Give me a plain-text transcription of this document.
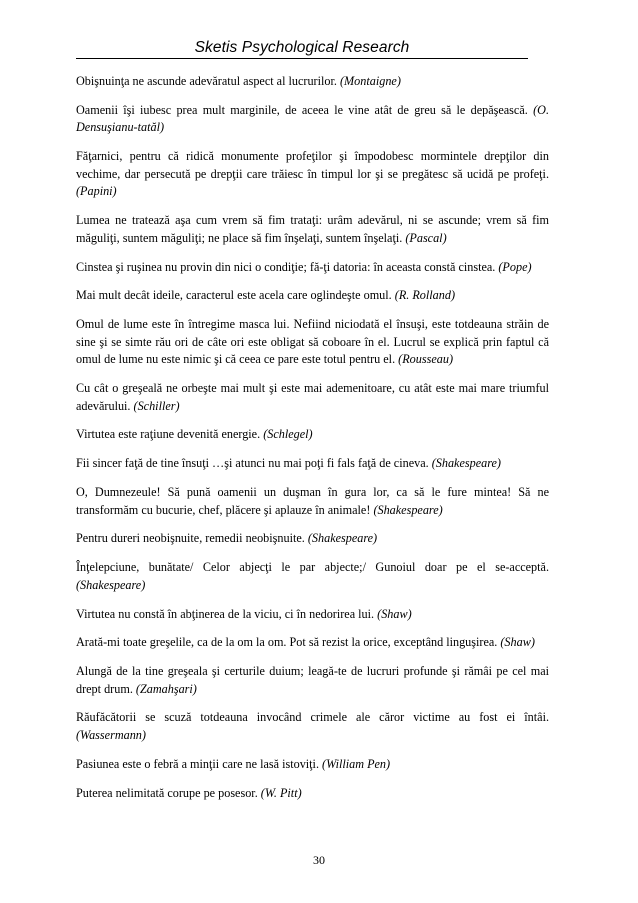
Sketis Psychological Research

Obişnuinţa ne ascunde adevăratul aspect al lucrurilor. (Montaigne)

Oamenii îşi iubesc prea mult marginile, de aceea le vine atât de greu să le depăşească. (O. Densuşianu-tatăl)

Făţarnici, pentru că ridică monumente profeţilor şi împodobesc mormintele drepţilor din vechime, dar persecută pe drepţii care trăiesc în timpul lor şi se pregătesc să ucidă pe profeţi. (Papini)

Lumea ne tratează aşa cum vrem să fim trataţi: urâm adevărul, ni se ascunde; vrem să fim măguliţi, suntem măguliţi; ne place să fim înşelaţi, suntem înşelaţi. (Pascal)

Cinstea şi ruşinea nu provin din nici o condiţie; fă-ţi datoria: în aceasta constă cinstea. (Pope)

Mai mult decât ideile, caracterul este acela care oglindeşte omul. (R. Rolland)

Omul de lume este în întregime masca lui. Nefiind niciodată el însuşi, este totdeauna străin de sine şi se simte rău ori de câte ori este obligat să coboare în el. Lucrul se explică prin faptul că omul de lume nu este nimic şi că ceea ce pare este totul pentru el. (Rousseau)

Cu cât o greşeală ne orbeşte mai mult şi este mai ademenitoare, cu atât este mai mare triumful adevărului. (Schiller)

Virtutea este raţiune devenită energie. (Schlegel)

Fii sincer faţă de tine însuţi …şi atunci nu mai poţi fi fals faţă de cineva. (Shakespeare)

O, Dumnezeule! Să pună oamenii un duşman în gura lor, ca să le fure mintea! Să ne transformăm cu bucurie, chef, plăcere şi aplauze în animale! (Shakespeare)

Pentru dureri neobişnuite, remedii neobişnuite. (Shakespeare)

Înţelepciune, bunătate/ Celor abjecţi le par abjecte;/ Gunoiul doar pe el se-acceptă. (Shakespeare)

Virtutea nu constă în abţinerea de la viciu, ci în nedorirea lui. (Shaw)

Arată-mi toate greşelile, ca de la om la om. Pot să rezist la orice, exceptând linguşirea. (Shaw)

Alungă de la tine greşeala şi certurile duium; leagă-te de lucruri profunde şi rămâi pe cel mai drept drum. (Zamahşari)

Răufăcătorii se scuză totdeauna invocând crimele ale căror victime au fost ei întâi. (Wassermann)

Pasiunea este o febră a minţii care ne lasă istoviţi. (William Pen)

Puterea nelimitată corupe pe posesor. (W. Pitt)

30
